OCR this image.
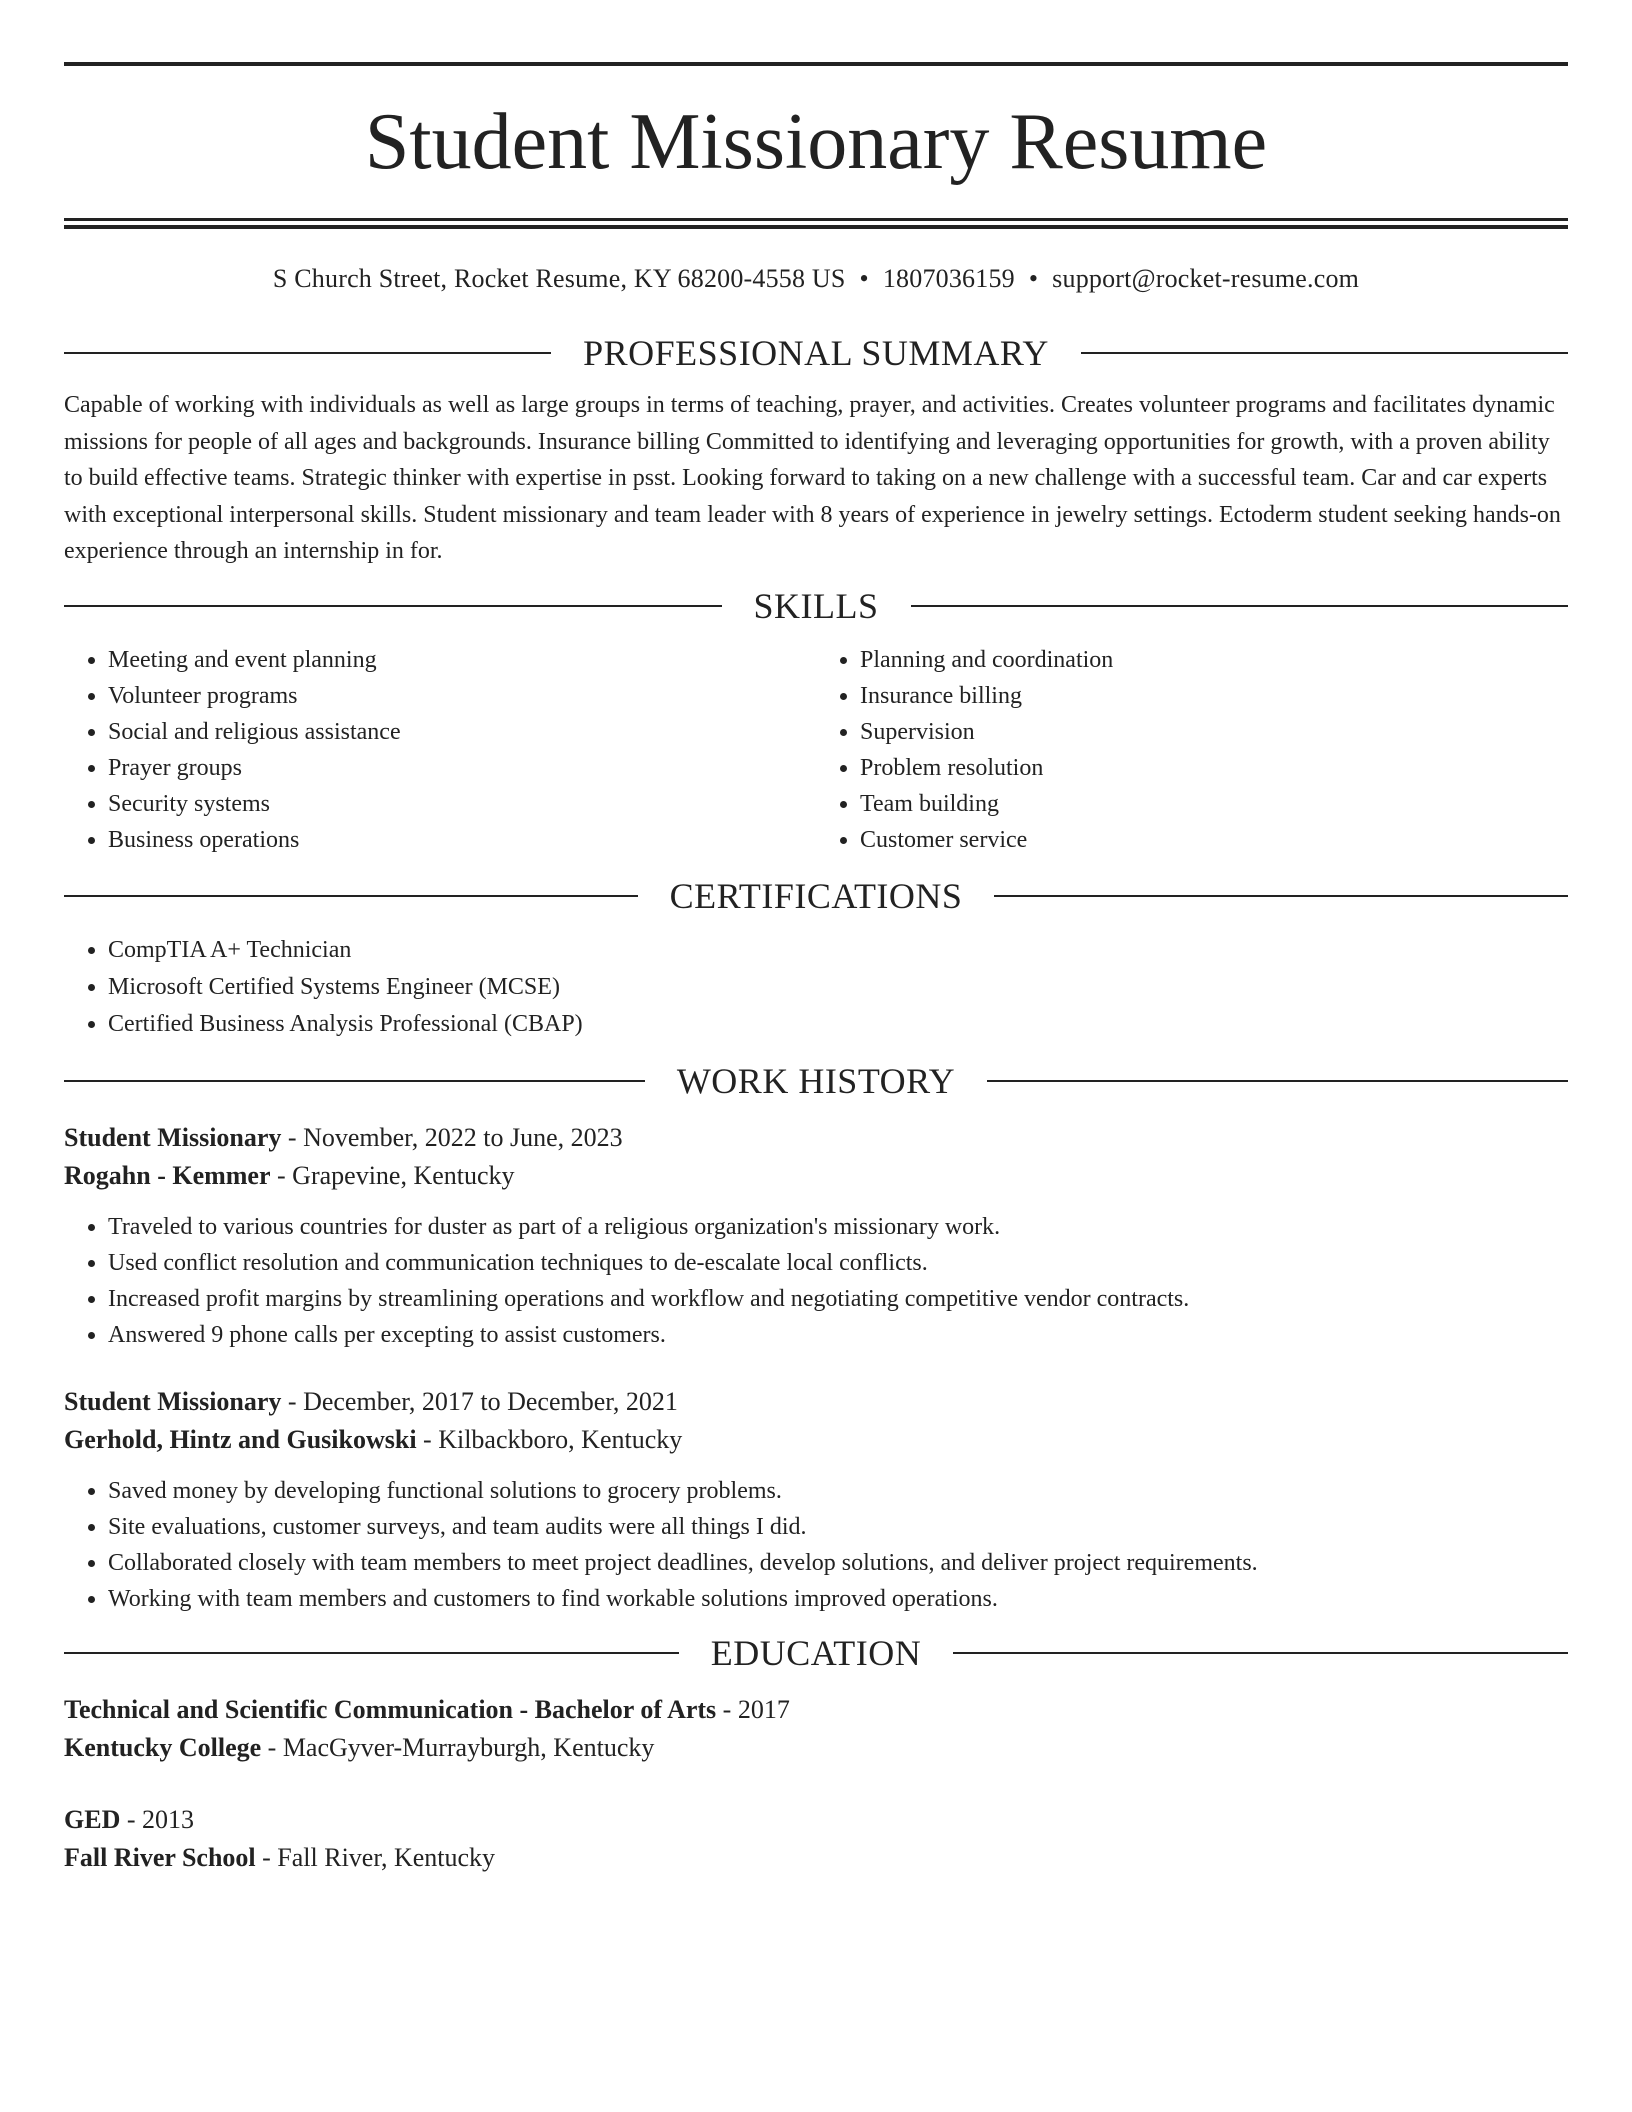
Student Missionary Resume
S Church Street, Rocket Resume, KY 68200-4558 US • 1807036159 • support@rocket-resume.com
PROFESSIONAL SUMMARY

Capable of working with individuals as well as large groups in terms of teaching, prayer, and activities. Creates volunteer programs and facilitates dynamic missions for people of all ages and backgrounds. Insurance billing Committed to identifying and leveraging opportunities for growth, with a proven ability to build effective teams. Strategic thinker with expertise in psst. Looking forward to taking on a new challenge with a successful team. Car and car experts with exceptional interpersonal skills. Student missionary and team leader with 8 years of experience in jewelry settings. Ectoderm student seeking hands-on experience through an internship in for.

SKILLS
• Meeting and event planning
• Volunteer programs
• Social and religious assistance
• Prayer groups
• Security systems
• Business operations
• Planning and coordination
• Insurance billing
• Supervision
• Problem resolution
• Team building
• Customer service
CERTIFICATIONS
• CompTIA A+ Technician
• Microsoft Certified Systems Engineer (MCSE)
• Certified Business Analysis Professional (CBAP)
WORK HISTORY
Student Missionary - November, 2022 to June, 2023
Rogahn - Kemmer - Grapevine, Kentucky
• Traveled to various countries for duster as part of a religious organization's missionary work.
• Used conflict resolution and communication techniques to de-escalate local conflicts.
• Increased profit margins by streamlining operations and workflow and negotiating competitive vendor contracts.
• Answered 9 phone calls per excepting to assist customers.
Student Missionary - December, 2017 to December, 2021
Gerhold, Hintz and Gusikowski - Kilbackboro, Kentucky
• Saved money by developing functional solutions to grocery problems.
• Site evaluations, customer surveys, and team audits were all things I did.
• Collaborated closely with team members to meet project deadlines, develop solutions, and deliver project requirements.
• Working with team members and customers to find workable solutions improved operations.
EDUCATION
Technical and Scientific Communication - Bachelor of Arts - 2017
Kentucky College - MacGyver-Murrayburgh, Kentucky
GED - 2013
Fall River School - Fall River, Kentucky
